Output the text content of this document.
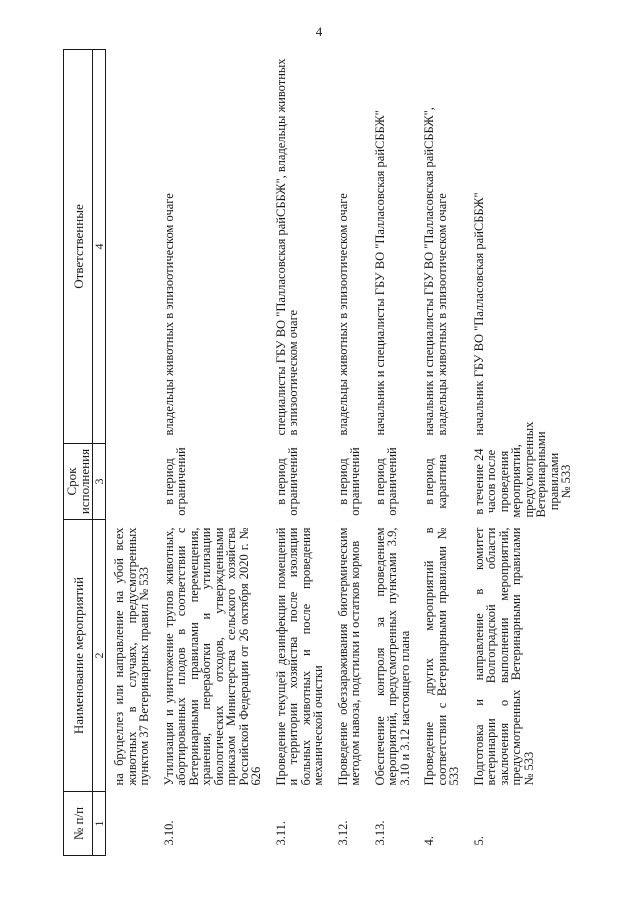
4
№ п/п	Наименование мероприятий	Срок исполнения	Ответственные
1	2	3	4
	на бруцеллез или направление на убой всех животных в случаях, предусмотренных пунктом 37 Ветеринарных правил № 533		
3.10.	Утилизация и уничтожение трупов животных, абортированных плодов в соответствии с Ветеринарными правилами перемещения, хранения, переработки и утилизации биологических отходов, утвержденными приказом Министерства сельского хозяйства Российской Федерации от 26 октября 2020 г. № 626	в период ограничений	владельцы животных в эпизоотическом очаге
3.11.	Проведение текущей дезинфекции помещений и территории хозяйства после изоляции больных животных и после проведения механической очистки	в период ограничений	специалисты ГБУ ВО "Палласовская райСББЖ", владельцы животных в эпизоотическом очаге
3.12.	Проведение обеззараживания биотермическим методом навоза, подстилки и остатков кормов	в период ограничений	владельцы животных в эпизоотическом очаге
3.13.	Обеспечение контроля за проведением мероприятий, предусмотренных пунктами 3.9, 3.10 и 3.12 настоящего плана	в период ограничений	начальник и специалисты ГБУ ВО "Палласовская райСББЖ"
4.	Проведение других мероприятий в соответствии с Ветеринарными правилами № 533	в период карантина	начальник и специалисты ГБУ ВО "Палласовская райСББЖ", владельцы животных в эпизоотическом очаге
5.	Подготовка и направление в комитет ветеринарии Волгоградской области заключения о выполнении мероприятий, предусмотренных Ветеринарными правилами № 533	в течение 24 часов после проведения мероприятий, предусмотренных Ветеринарными правилами № 533	начальник ГБУ ВО "Палласовская райСББЖ"
